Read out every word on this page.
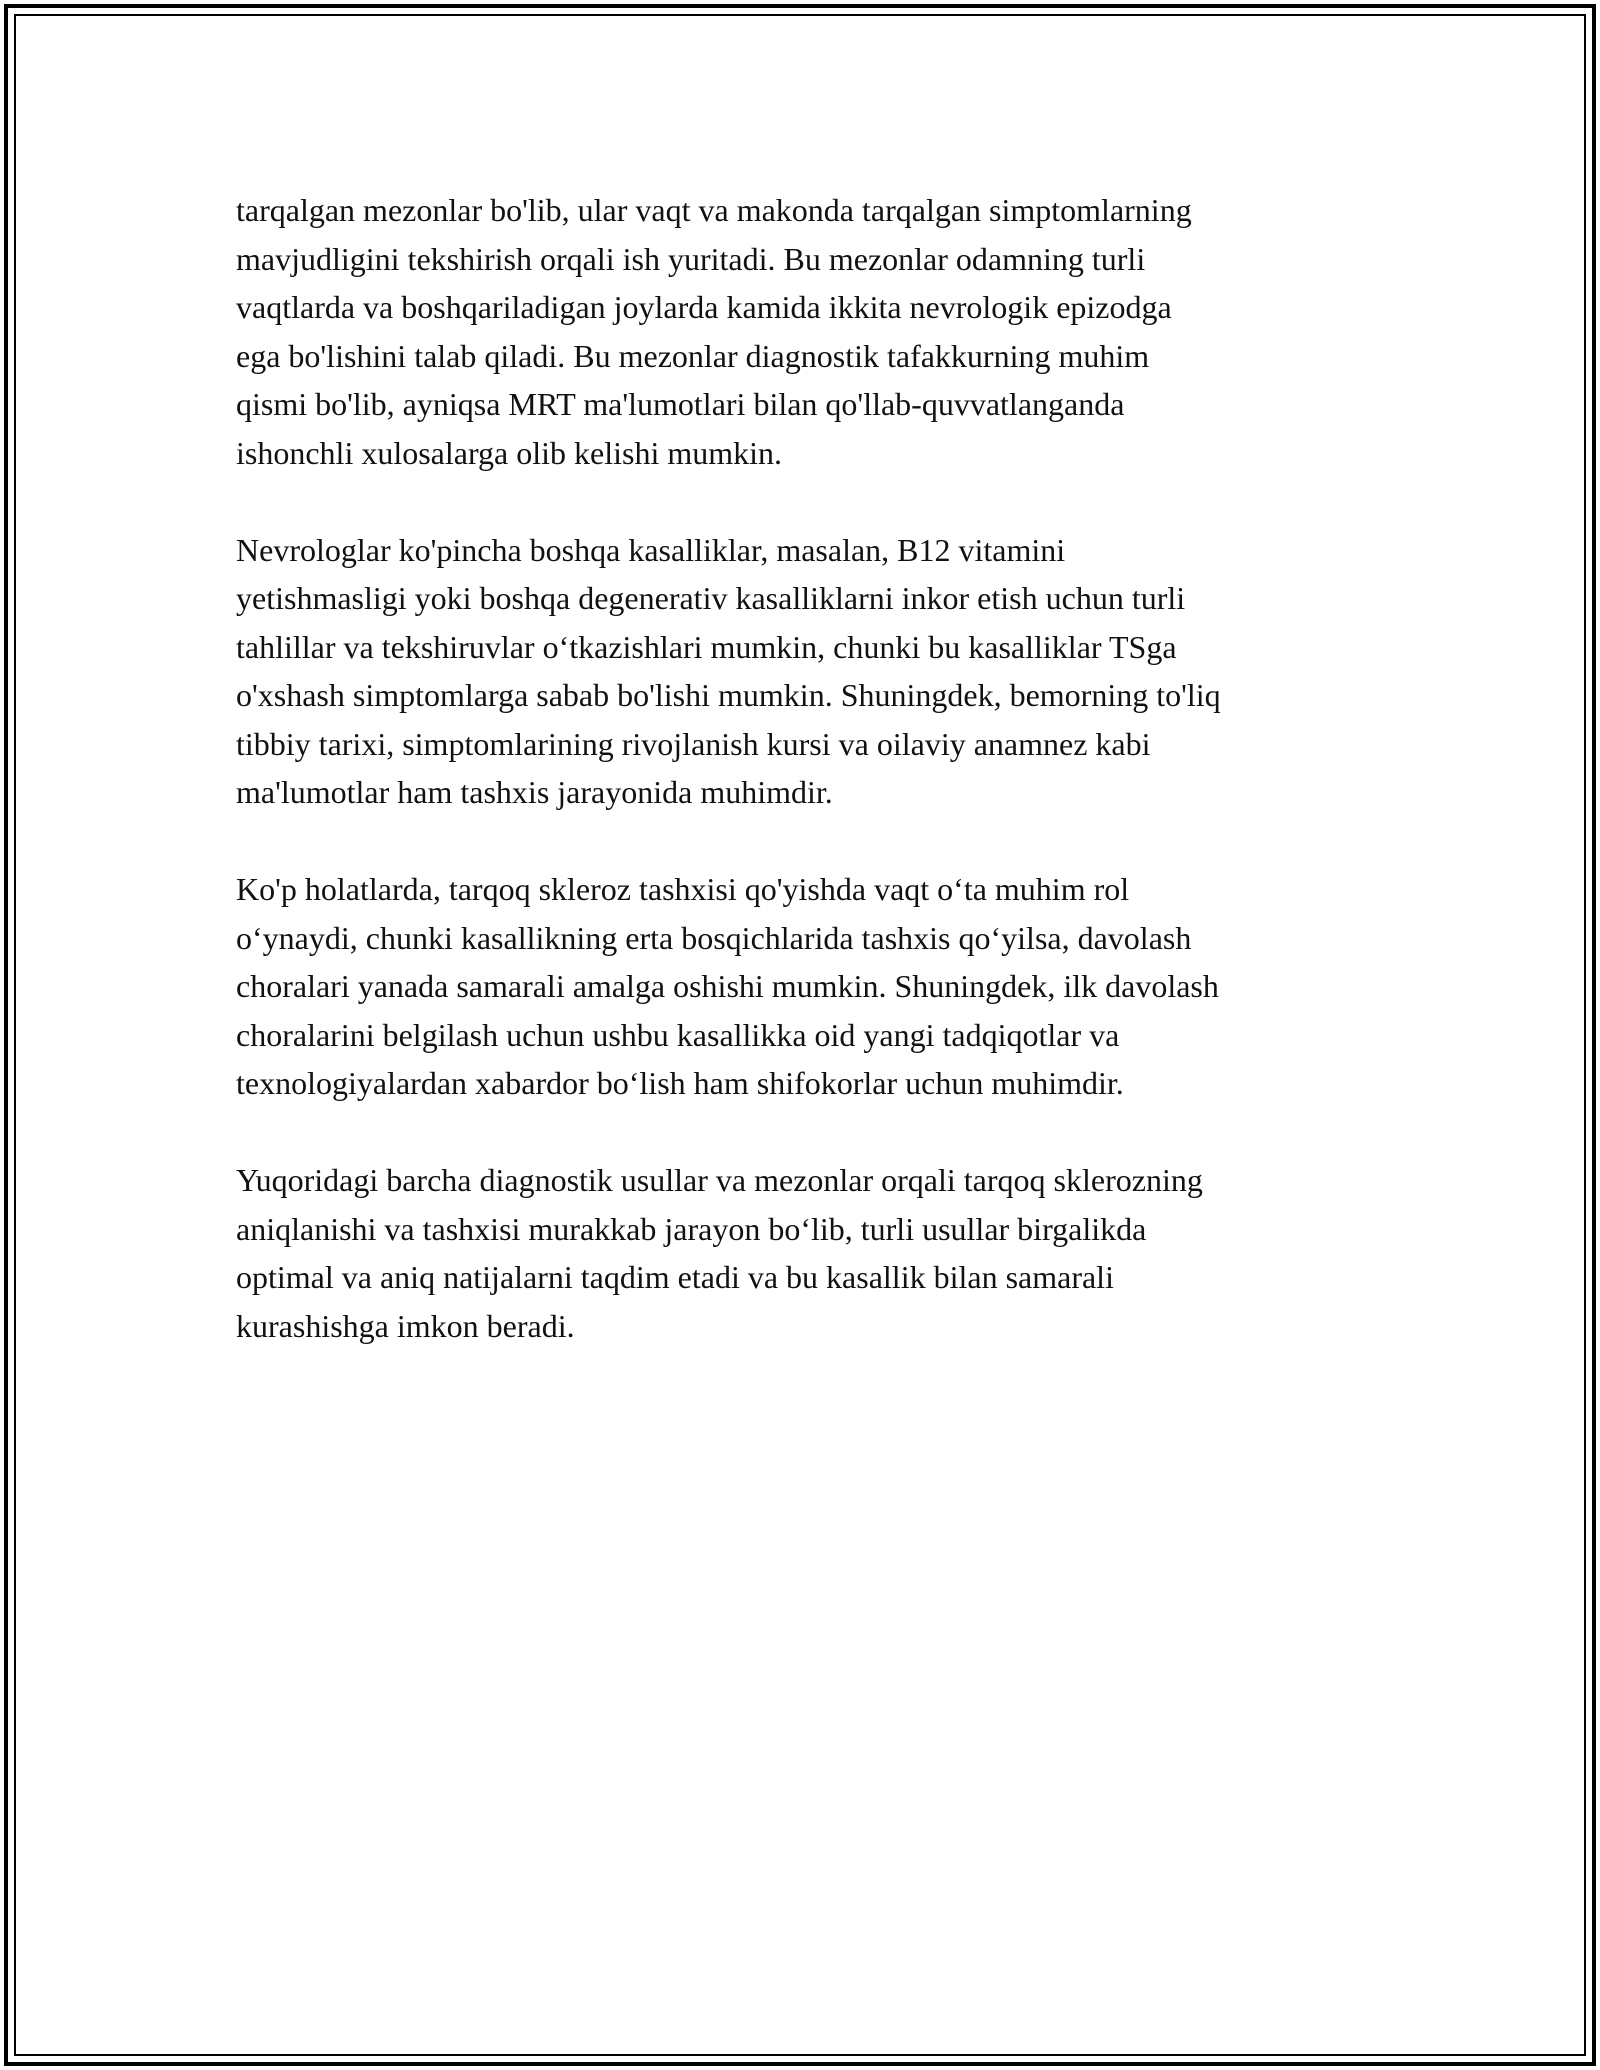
tarqalgan mezonlar bo'lib, ular vaqt va makonda tarqalgan simptomlarning
mavjudligini tekshirish orqali ish yuritadi. Bu mezonlar odamning turli
vaqtlarda va boshqariladigan joylarda kamida ikkita nevrologik epizodga
ega bo'lishini talab qiladi. Bu mezonlar diagnostik tafakkurning muhim
qismi bo'lib, ayniqsa MRT ma'lumotlari bilan qo'llab-quvvatlanganda
ishonchli xulosalarga olib kelishi mumkin.

Nevrologlar ko'pincha boshqa kasalliklar, masalan, B12 vitamini
yetishmasligi yoki boshqa degenerativ kasalliklarni inkor etish uchun turli
tahlillar va tekshiruvlar o‘tkazishlari mumkin, chunki bu kasalliklar TSga
o'xshash simptomlarga sabab bo'lishi mumkin. Shuningdek, bemorning to'liq
tibbiy tarixi, simptomlarining rivojlanish kursi va oilaviy anamnez kabi
ma'lumotlar ham tashxis jarayonida muhimdir.

Ko'p holatlarda, tarqoq skleroz tashxisi qo'yishda vaqt o‘ta muhim rol
o‘ynaydi, chunki kasallikning erta bosqichlarida tashxis qo‘yilsa, davolash
choralari yanada samarali amalga oshishi mumkin. Shuningdek, ilk davolash
choralarini belgilash uchun ushbu kasallikka oid yangi tadqiqotlar va
texnologiyalardan xabardor bo‘lish ham shifokorlar uchun muhimdir.

Yuqoridagi barcha diagnostik usullar va mezonlar orqali tarqoq sklerozning
aniqlanishi va tashxisi murakkab jarayon bo‘lib, turli usullar birgalikda
optimal va aniq natijalarni taqdim etadi va bu kasallik bilan samarali
kurashishga imkon beradi.
